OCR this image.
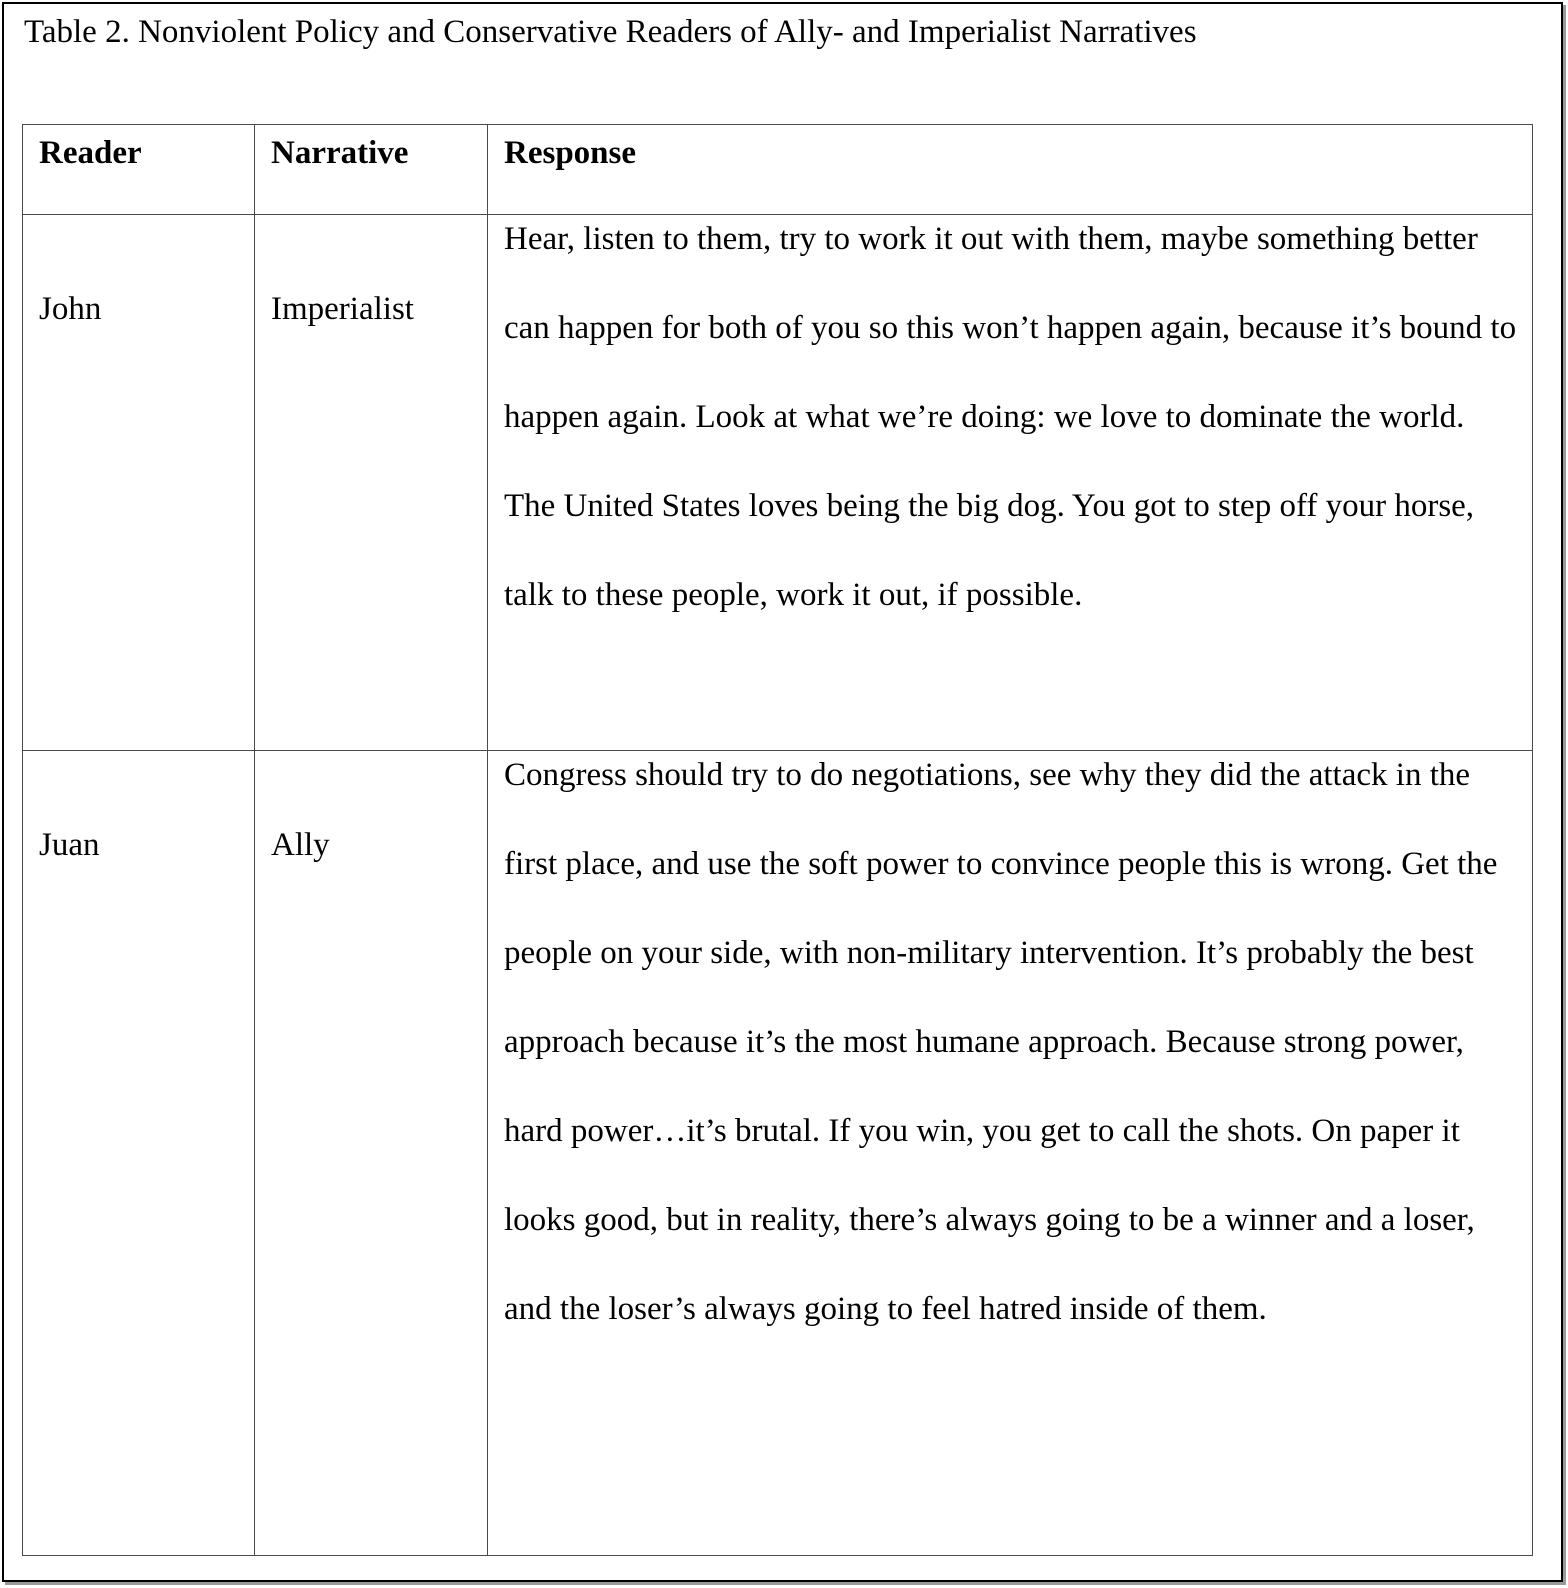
Table 2. Nonviolent Policy and Conservative Readers of Ally- and Imperialist Narratives
Reader	Narrative	Response
John	Imperialist	Hear, listen to them, try to work it out with them, maybe something better can happen for both of you so this won’t happen again, because it’s bound to happen again. Look at what we’re doing: we love to dominate the world. The United States loves being the big dog. You got to step off your horse, talk to these people, work it out, if possible.

Juan	Ally	Congress should try to do negotiations, see why they did the attack in the first place, and use the soft power to convince people this is wrong. Get the people on your side, with non-military intervention. It’s probably the best approach because it’s the most humane approach. Because strong power, hard power…it’s brutal. If you win, you get to call the shots. On paper it looks good, but in reality, there’s always going to be a winner and a loser, and the loser’s always going to feel hatred inside of them.
